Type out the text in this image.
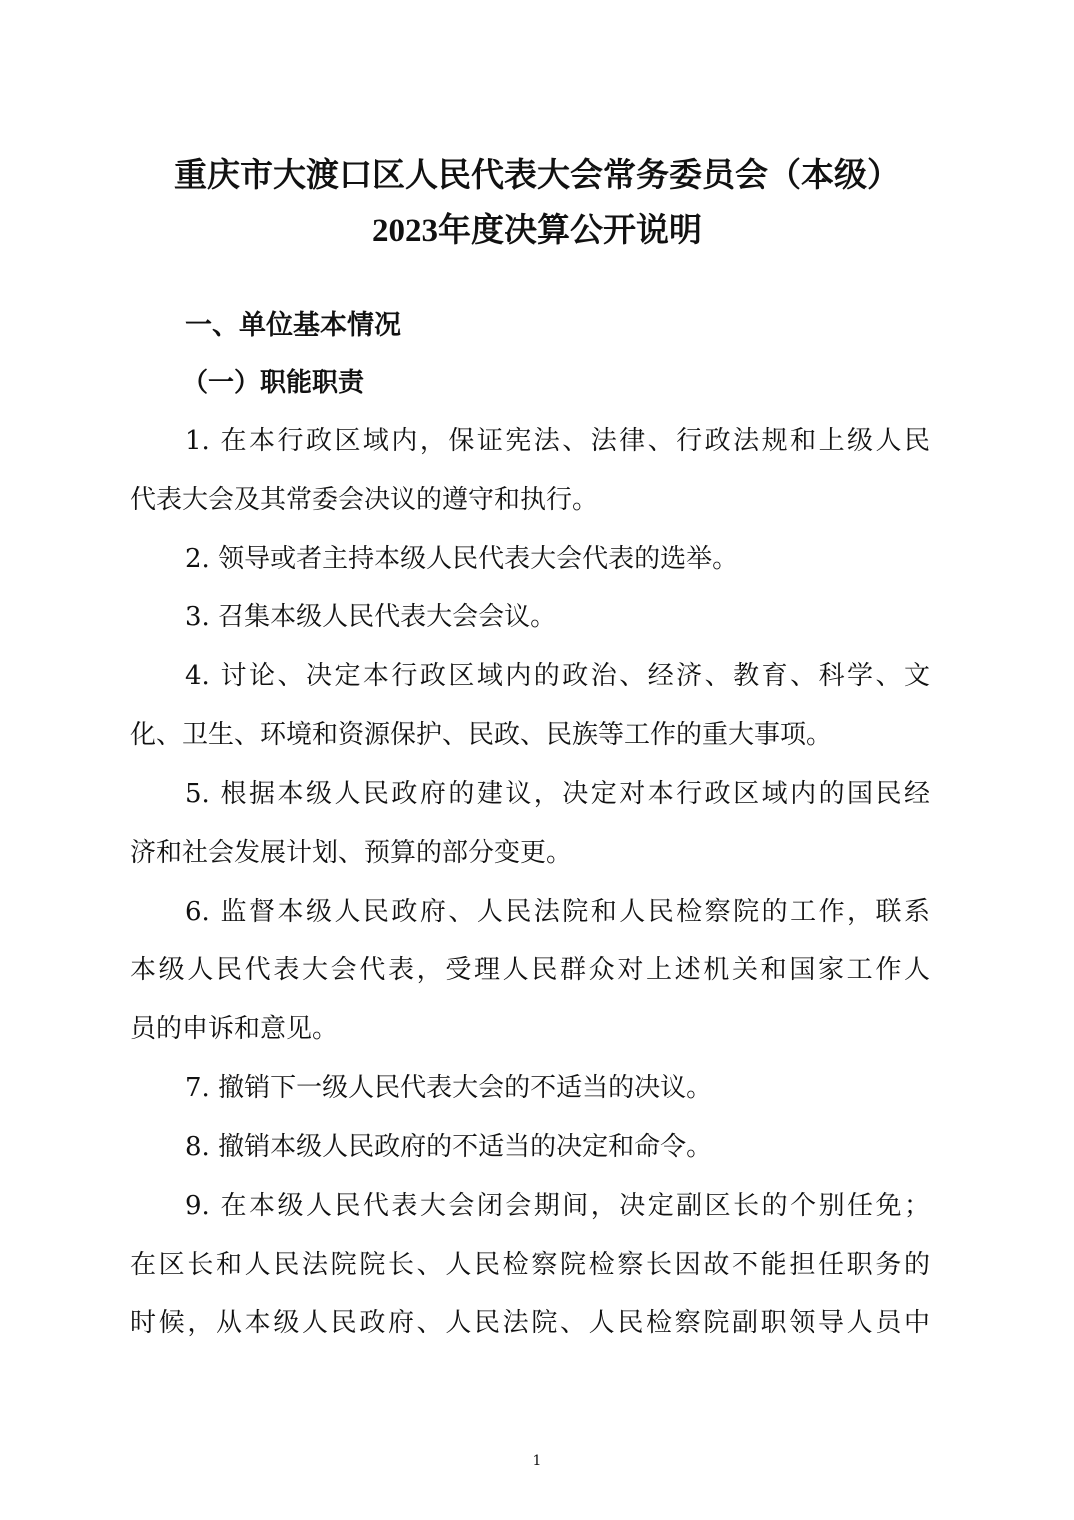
重庆市大渡口区人民代表大会常务委员会（本级）
2023年度决算公开说明
一、单位基本情况
（一）职能职责
1. 在本行政区域内，保证宪法、法律、行政法规和上级人民
代表大会及其常委会决议的遵守和执行。
2. 领导或者主持本级人民代表大会代表的选举。
3. 召集本级人民代表大会会议。
4. 讨论、决定本行政区域内的政治、经济、教育、科学、文
化、卫生、环境和资源保护、民政、民族等工作的重大事项。
5. 根据本级人民政府的建议，决定对本行政区域内的国民经
济和社会发展计划、预算的部分变更。
6. 监督本级人民政府、人民法院和人民检察院的工作，联系
本级人民代表大会代表，受理人民群众对上述机关和国家工作人
员的申诉和意见。
7. 撤销下一级人民代表大会的不适当的决议。
8. 撤销本级人民政府的不适当的决定和命令。
9. 在本级人民代表大会闭会期间，决定副区长的个别任免；
在区长和人民法院院长、人民检察院检察长因故不能担任职务的
时候，从本级人民政府、人民法院、人民检察院副职领导人员中
1
